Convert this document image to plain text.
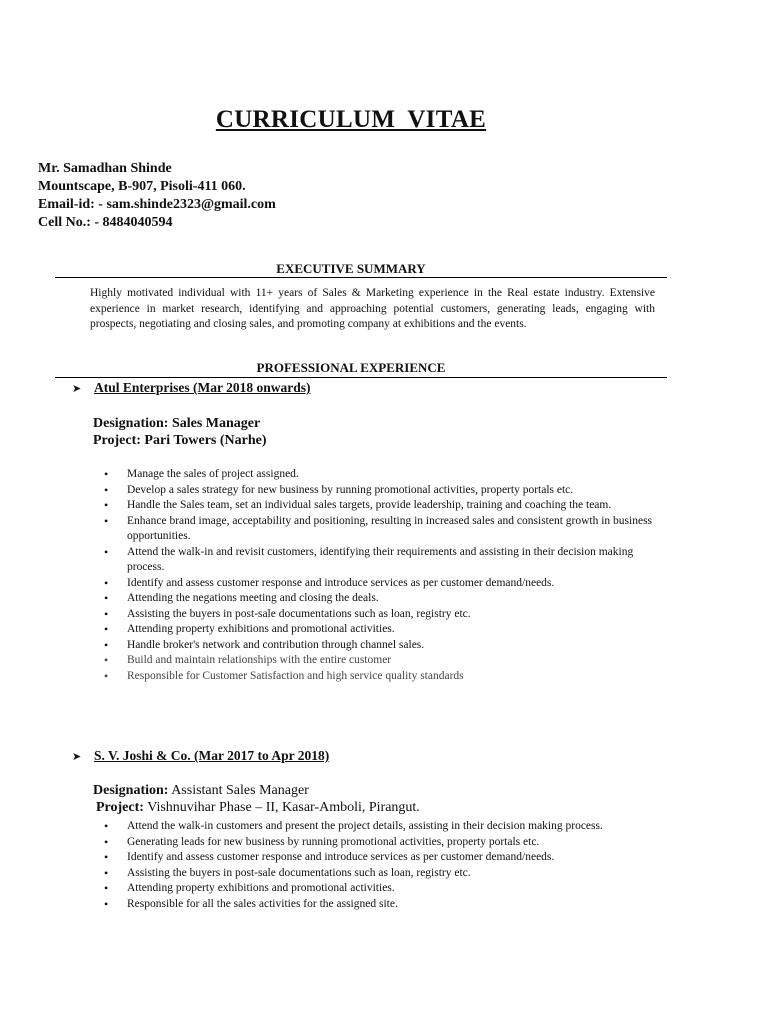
CURRICULUM VITAE
Mr. Samadhan Shinde
Mountscape, B-907, Pisoli-411 060.
Email-id: - sam.shinde2323@gmail.com
Cell No.: - 8484040594
EXECUTIVE SUMMARY
Highly motivated individual with 11+ years of Sales & Marketing experience in the Real estate industry. Extensive experience in market research, identifying and approaching potential customers, generating leads, engaging with prospects, negotiating and closing sales, and promoting company at exhibitions and the events.
PROFESSIONAL EXPERIENCE
➤ Atul Enterprises (Mar 2018 onwards)
Designation: Sales Manager
Project: Pari Towers (Narhe)
• Manage the sales of project assigned.
• Develop a sales strategy for new business by running promotional activities, property portals etc.
• Handle the Sales team, set an individual sales targets, provide leadership, training and coaching the team.
• Enhance brand image, acceptability and positioning, resulting in increased sales and consistent growth in business opportunities.
• Attend the walk-in and revisit customers, identifying their requirements and assisting in their decision making process.
• Identify and assess customer response and introduce services as per customer demand/needs.
• Attending the negations meeting and closing the deals.
• Assisting the buyers in post-sale documentations such as loan, registry etc.
• Attending property exhibitions and promotional activities.
• Handle broker's network and contribution through channel sales.
• Build and maintain relationships with the entire customer
• Responsible for Customer Satisfaction and high service quality standards
➤ S. V. Joshi & Co. (Mar 2017 to Apr 2018)
Designation: Assistant Sales Manager
Project: Vishnuvihar Phase – II, Kasar-Amboli, Pirangut.
• Attend the walk-in customers and present the project details, assisting in their decision making process.
• Generating leads for new business by running promotional activities, property portals etc.
• Identify and assess customer response and introduce services as per customer demand/needs.
• Assisting the buyers in post-sale documentations such as loan, registry etc.
• Attending property exhibitions and promotional activities.
• Responsible for all the sales activities for the assigned site.
